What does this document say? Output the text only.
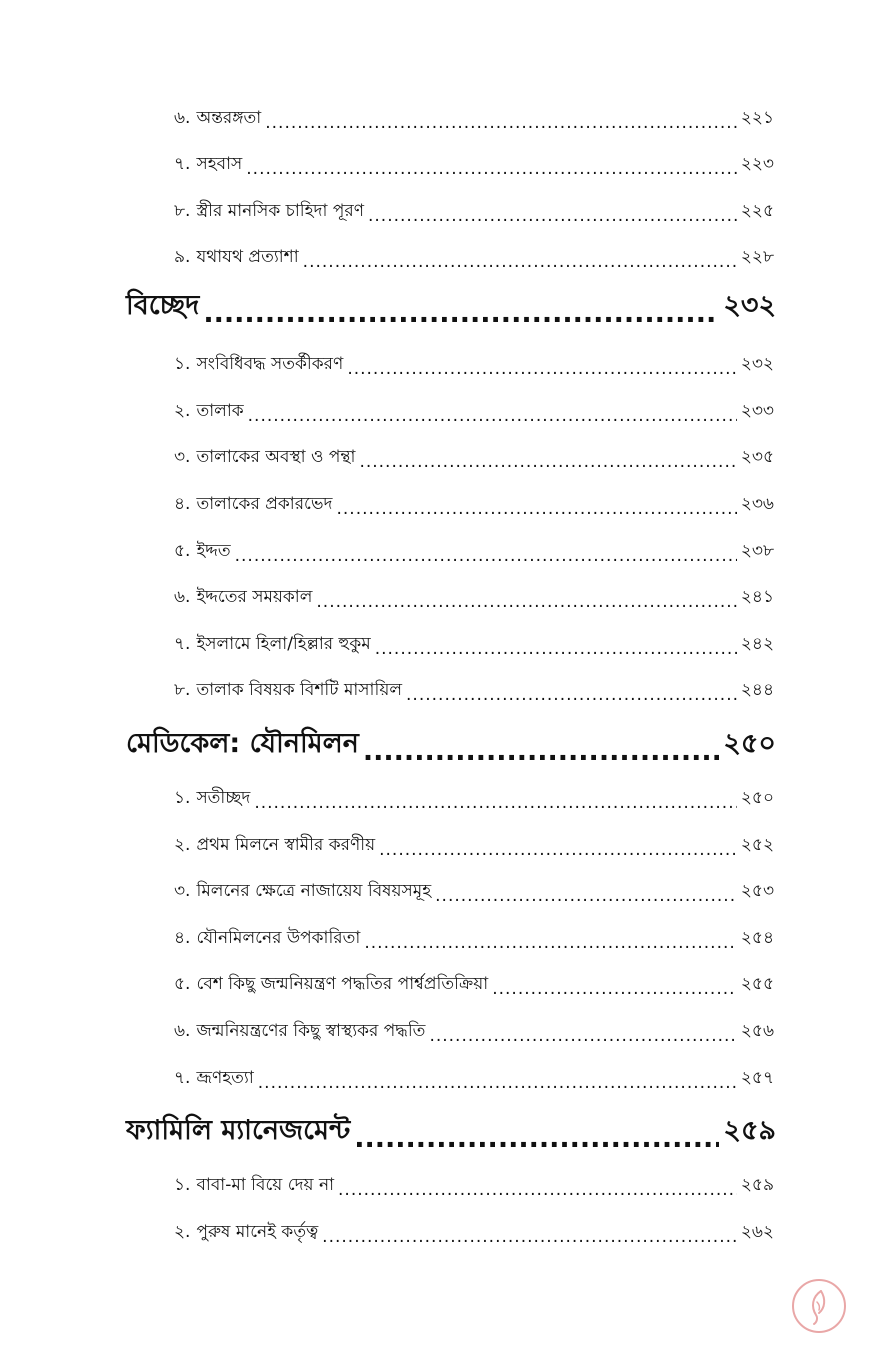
৬. অন্তরঙ্গতা .....	২২১
৭. সহবাস .....	২২৩
৮. স্ত্রীর মানসিক চাহিদা পূরণ .....	২২৫
৯. যথাযথ প্রত্যাশা .....	২২৮
বিচ্ছেদ .....	২৩২
১. সংবিধিবদ্ধ সতর্কীকরণ .....	২৩২
২. তালাক .....	২৩৩
৩. তালাকের অবস্থা ও পন্থা .....	২৩৫
৪. তালাকের প্রকারভেদ .....	২৩৬
৫. ইদ্দত .....	২৩৮
৬. ইদ্দতের সময়কাল .....	২৪১
৭. ইসলামে হিলা/হিল্লার হুকুম .....	২৪২
৮. তালাক বিষয়ক বিশটি মাসায়িল .....	২৪৪
মেডিকেল: যৌনমিলন .....	২৫০
১. সতীচ্ছদ .....	২৫০
২. প্রথম মিলনে স্বামীর করণীয় .....	২৫২
৩. মিলনের ক্ষেত্রে নাজায়েয বিষয়সমূহ .....	২৫৩
৪. যৌনমিলনের উপকারিতা .....	২৫৪
৫. বেশ কিছু জন্মনিয়ন্ত্রণ পদ্ধতির পার্শ্বপ্রতিক্রিয়া .....	২৫৫
৬. জন্মনিয়ন্ত্রণের কিছু স্বাস্থ্যকর পদ্ধতি .....	২৫৬
৭. ভ্রূণহত্যা .....	২৫৭
ফ্যামিলি ম্যানেজমেন্ট .....	২৫৯
১. বাবা-মা বিয়ে দেয় না .....	২৫৯
২. পুরুষ মানেই কর্তৃত্ব .....	২৬২
